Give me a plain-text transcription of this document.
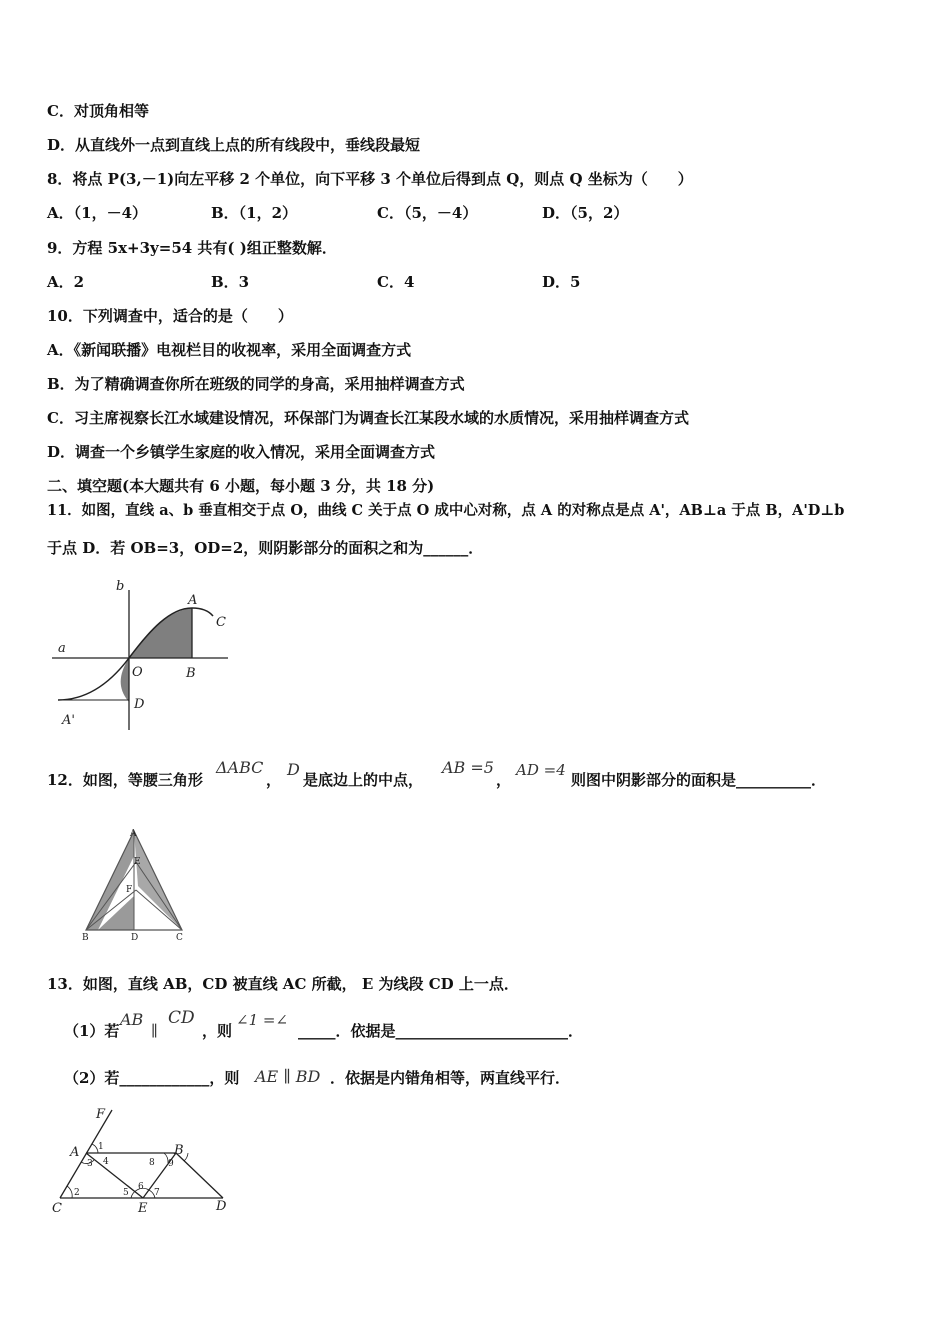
C．对顶角相等
D．从直线外一点到直线上点的所有线段中，垂线段最短
8．将点 P(3,－1)向左平移 2 个单位，向下平移 3 个单位后得到点 Q，则点 Q 坐标为（　　）
A．（1，－4）	B．（1，2）	C．（5，－4）	D．（5，2）
9．方程 5x+3y=54 共有( )组正整数解．
A．2	B．3	C．4	D．5
10．下列调查中，适合的是（　　）
A．《新闻联播》电视栏目的收视率，采用全面调查方式
B．为了精确调查你所在班级的同学的身高，采用抽样调查方式
C．习主席视察长江水域建设情况，环保部门为调查长江某段水域的水质情况，采用抽样调查方式
D．调查一个乡镇学生家庭的收入情况，采用全面调查方式
二、填空题(本大题共有 6 小题，每小题 3 分，共 18 分)
11．如图，直线 a、b 垂直相交于点 O，曲线 C 关于点 O 成中心对称，点 A 的对称点是点 A'，AB⊥a 于点 B，A'D⊥b
于点 D．若 OB=3，OD=2，则阴影部分的面积之和为______．
b
A
C
a
O	B
D
A'
12．如图，等腰三角形
ΔABC
，
D
是底边上的中点，
AB =5
，
AD =4
则图中阴影部分的面积是__________．
A
E
F
B	D	C
13．如图，直线 AB，CD 被直线 AC 所截， E 为线段 CD 上一点．
（1）若
AB
∥
CD
，则
∠1 =∠
_____．依据是_______________________．
（2）若____________，则 AE ∥ BD ．依据是内错角相等，两直线平行．
F
A	B
C	E	D
1
2
3 4
5
6
7
8 9
